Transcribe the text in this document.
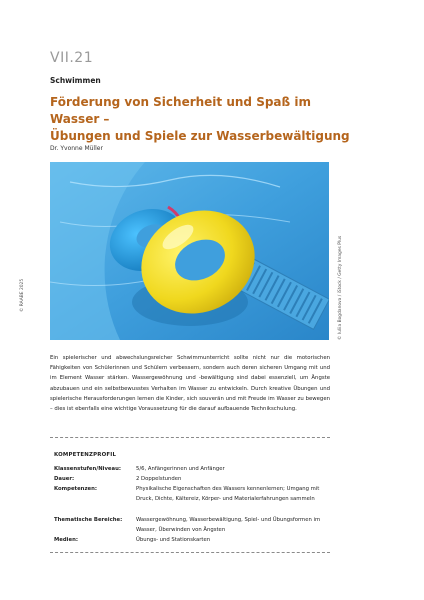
VII.21
Schwimmen
Förderung von Sicherheit und Spaß im Wasser –
Übungen und Spiele zur Wasserbewältigung
Dr. Yvonne Müller
© Iuliia Bogdanova / iStock / Getty Images Plus
© RAABE 2025

Ein spielerischer und abwechslungsreicher Schwimmunterricht sollte nicht nur die motorischen Fähigkeiten von Schülerinnen und Schülern verbessern, sondern auch deren sicheren Umgang mit und im Element Wasser stärken. Wassergewöhnung und -bewältigung sind dabei essenziell, um Ängste abzubauen und ein selbstbewusstes Verhalten im Wasser zu entwickeln. Durch kreative Übungen und spielerische Herausforderungen lernen die Kinder, sich souverän und mit Freude im Wasser zu bewegen – dies ist ebenfalls eine wichtige Voraussetzung für die darauf aufbauende Technikschulung.

KOMPETENZPROFIL
Klassenstufen/Niveau:	5/6, Anfängerinnen und Anfänger
Dauer:	2 Doppelstunden
Kompetenzen:	Physikalische Eigenschaften des Wassers kennenlernen; Umgang mit Druck, Dichte, Kältereiz, Körper- und Materialerfahrungen sammeln
Thematische Bereiche:	Wassergewöhnung, Wasserbewältigung, Spiel- und Übungsformen im Wasser, Überwinden von Ängsten
Medien:	Übungs- und Stationskarten
